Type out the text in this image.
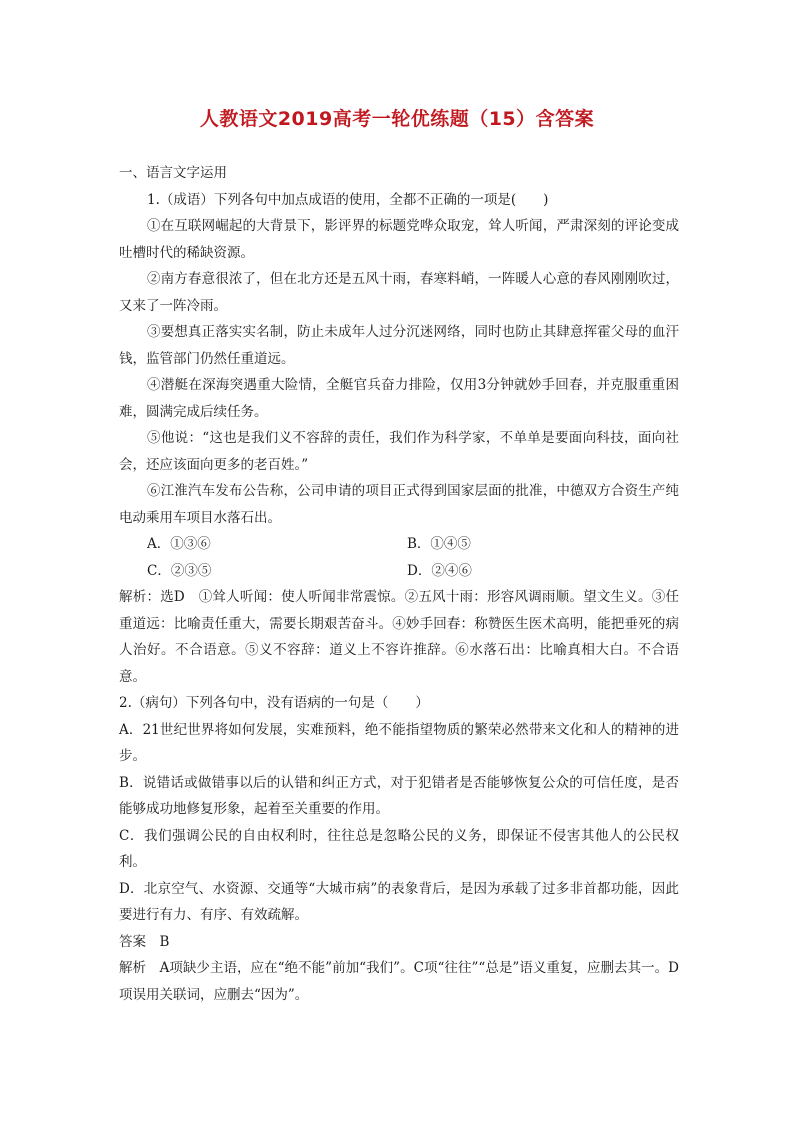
人教语文2019高考一轮优练题（15）含答案

一、语言文字运用

1.（成语）下列各句中加点成语的使用，全都不正确的一项是(　　)

①在互联网崛起的大背景下，影评界的标题党哗众取宠，耸人听闻，严肃深刻的评论变成吐槽时代的稀缺资源。

②南方春意很浓了，但在北方还是五风十雨，春寒料峭，一阵暖人心意的春风刚刚吹过，又来了一阵冷雨。

③要想真正落实实名制，防止未成年人过分沉迷网络，同时也防止其肆意挥霍父母的血汗钱，监管部门仍然任重道远。

④潜艇在深海突遇重大险情，全艇官兵奋力排险，仅用3分钟就妙手回春，并克服重重困难，圆满完成后续任务。

⑤他说：“这也是我们义不容辞的责任，我们作为科学家，不单单是要面向科技，面向社会，还应该面向更多的老百姓。”

⑥江淮汽车发布公告称，公司申请的项目正式得到国家层面的批准，中德双方合资生产纯电动乘用车项目水落石出。

A．①③⑥	B．①④⑤

C．②③⑤	D．②④⑥

解析：选D　①耸人听闻：使人听闻非常震惊。②五风十雨：形容风调雨顺。望文生义。③任重道远：比喻责任重大，需要长期艰苦奋斗。④妙手回春：称赞医生医术高明，能把垂死的病人治好。不合语意。⑤义不容辞：道义上不容许推辞。⑥水落石出：比喻真相大白。不合语意。

2.（病句）下列各句中，没有语病的一句是（　　）

A．21世纪世界将如何发展，实难预料，绝不能指望物质的繁荣必然带来文化和人的精神的进步。

B．说错话或做错事以后的认错和纠正方式，对于犯错者是否能够恢复公众的可信任度，是否能够成功地修复形象，起着至关重要的作用。

C．我们强调公民的自由权利时，往往总是忽略公民的义务，即保证不侵害其他人的公民权利。

D．北京空气、水资源、交通等“大城市病”的表象背后，是因为承载了过多非首都功能，因此要进行有力、有序、有效疏解。

答案　B

解析　A项缺少主语，应在“绝不能”前加“我们”。C项“往往”“总是”语义重复，应删去其一。D项误用关联词，应删去“因为”。
